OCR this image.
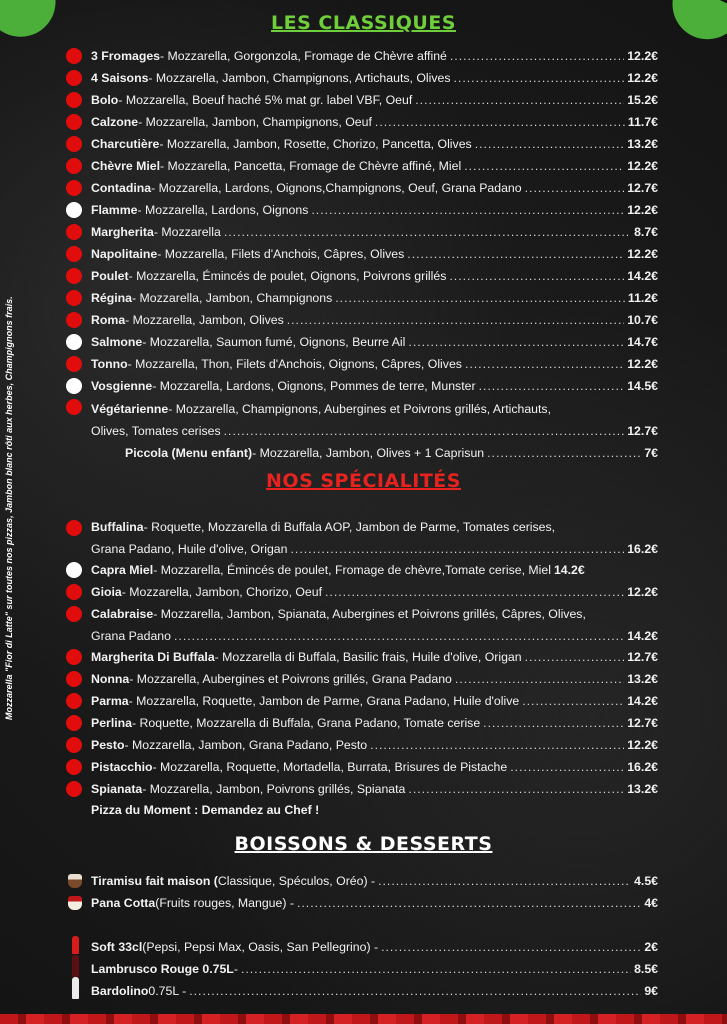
Mozzarella "Fior di Latte" sur toutes nos pizzas, Jambon blanc rôti aux herbes, Champignons frais.
LES CLASSIQUES
3 Fromages - Mozzarella, Gorgonzola, Fromage de Chèvre affiné .....	12.2€
4 Saisons - Mozzarella, Jambon, Champignons, Artichauts, Olives .....	12.2€
Bolo - Mozzarella, Boeuf haché 5% mat gr. label VBF, Oeuf .....	15.2€
Calzone - Mozzarella, Jambon, Champignons, Oeuf .....	11.7€
Charcutière - Mozzarella, Jambon, Rosette, Chorizo, Pancetta, Olives .....	13.2€
Chèvre Miel - Mozzarella, Pancetta, Fromage de Chèvre affiné, Miel .....	12.2€
Contadina - Mozzarella, Lardons, Oignons,Champignons, Oeuf, Grana Padano .....	12.7€
Flamme - Mozzarella, Lardons, Oignons .....	12.2€
Margherita - Mozzarella .....	8.7€
Napolitaine - Mozzarella, Filets d'Anchois, Câpres, Olives .....	12.2€
Poulet - Mozzarella, Émincés de poulet, Oignons, Poivrons grillés .....	14.2€
Régina - Mozzarella, Jambon, Champignons .....	11.2€
Roma - Mozzarella, Jambon, Olives .....	10.7€
Salmone - Mozzarella, Saumon fumé, Oignons, Beurre Ail .....	14.7€
Tonno - Mozzarella, Thon, Filets d'Anchois, Oignons, Câpres, Olives .....	12.2€
Vosgienne - Mozzarella, Lardons, Oignons, Pommes de terre, Munster .....	14.5€
Végétarienne - Mozzarella, Champignons, Aubergines et Poivrons grillés, Artichauts,
Olives, Tomates cerises .....	12.7€
Piccola (Menu enfant) - Mozzarella, Jambon, Olives + 1 Caprisun .....	7€
NOS SPÉCIALITÉS
Buffalina - Roquette, Mozzarella di Buffala AOP, Jambon de Parme, Tomates cerises,
Grana Padano, Huile d'olive, Origan .....	16.2€
Capra Miel - Mozzarella, Émincés de poulet, Fromage de chèvre,Tomate cerise, Miel 14.2€
Gioia - Mozzarella, Jambon, Chorizo, Oeuf .....	12.2€
Calabraise - Mozzarella, Jambon, Spianata, Aubergines et Poivrons grillés, Câpres, Olives,
Grana Padano .....	14.2€
Margherita Di Buffala - Mozzarella di Buffala, Basilic frais, Huile d'olive, Origan .....	12.7€
Nonna - Mozzarella, Aubergines et Poivrons grillés, Grana Padano .....	13.2€
Parma - Mozzarella, Roquette, Jambon de Parme, Grana Padano, Huile d'olive .....	14.2€
Perlina - Roquette, Mozzarella di Buffala, Grana Padano, Tomate cerise .....	12.7€
Pesto - Mozzarella, Jambon, Grana Padano, Pesto .....	12.2€
Pistacchio - Mozzarella, Roquette, Mortadella, Burrata, Brisures de Pistache .....	16.2€
Spianata - Mozzarella, Jambon, Poivrons grillés, Spianata .....	13.2€
Pizza du Moment : Demandez au Chef !
BOISSONS & DESSERTS
Tiramisu fait maison ( Classique, Spéculos, Oréo) - .....	4.5€
Pana Cotta (Fruits rouges, Mangue) - .....	4€
Soft 33cl (Pepsi, Pepsi Max, Oasis, San Pellegrino) - .....	2€
Lambrusco Rouge 0.75L - .....	8.5€
Bardolino 0.75L - .....	9€
